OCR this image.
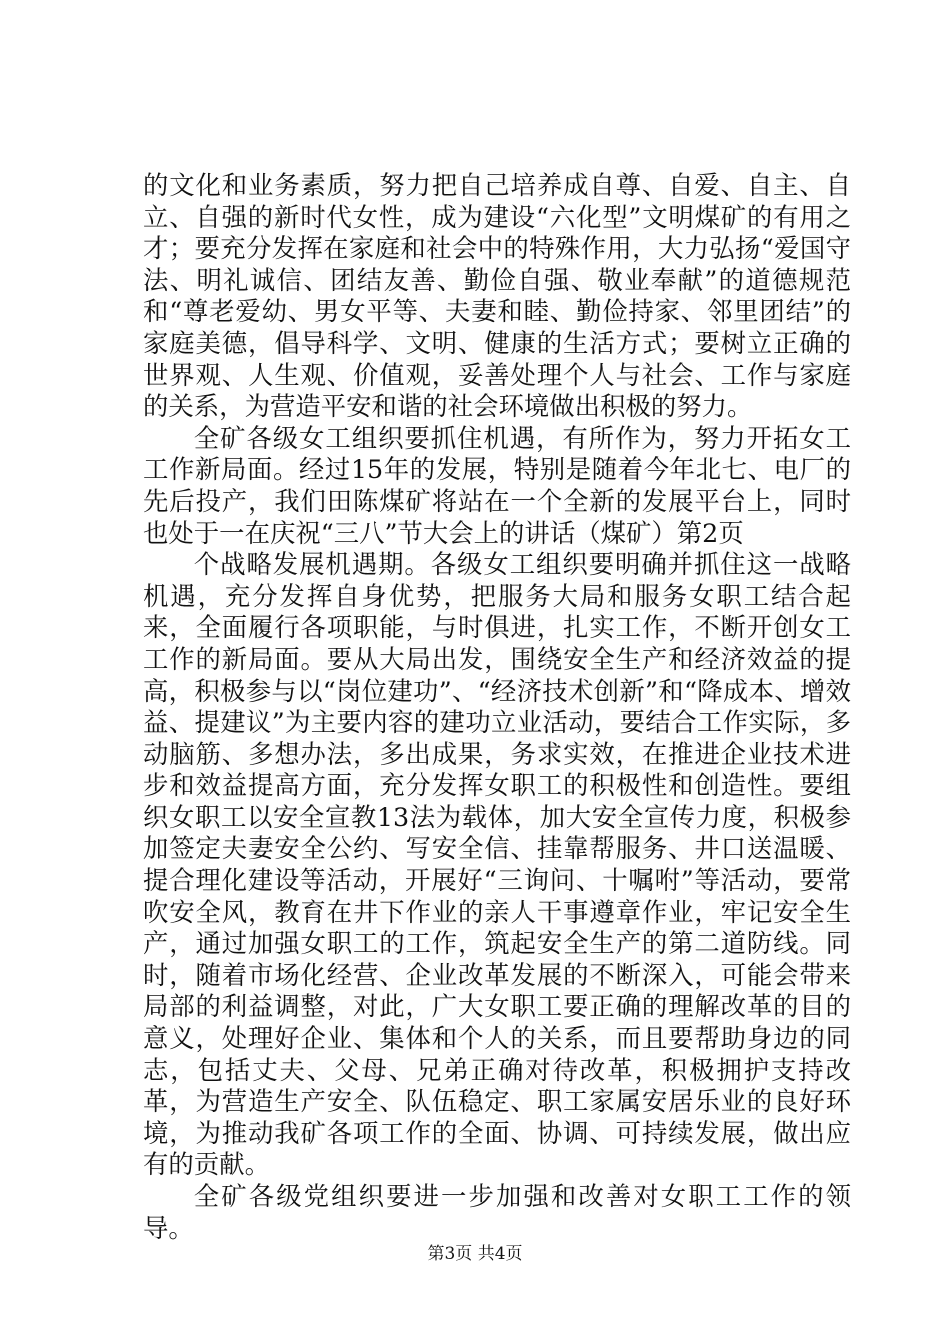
的文化和业务素质，努力把自己培养成自尊、自爱、自主、自立、自强的新时代女性，成为建设“六化型”文明煤矿的有用之才；要充分发挥在家庭和社会中的特殊作用，大力弘扬“爱国守法、明礼诚信、团结友善、勤俭自强、敬业奉献”的道德规范和“尊老爱幼、男女平等、夫妻和睦、勤俭持家、邻里团结”的家庭美德，倡导科学、文明、健康的生活方式；要树立正确的世界观、人生观、价值观，妥善处理个人与社会、工作与家庭的关系，为营造平安和谐的社会环境做出积极的努力。

全矿各级女工组织要抓住机遇，有所作为，努力开拓女工工作新局面。经过15年的发展，特别是随着今年北七、电厂的先后投产，我们田陈煤矿将站在一个全新的发展平台上，同时也处于一在庆祝“三八”节大会上的讲话（煤矿）第2页

个战略发展机遇期。各级女工组织要明确并抓住这一战略机遇，充分发挥自身优势，把服务大局和服务女职工结合起来，全面履行各项职能，与时俱进，扎实工作，不断开创女工工作的新局面。要从大局出发，围绕安全生产和经济效益的提高，积极参与以“岗位建功”、“经济技术创新”和“降成本、增效益、提建议”为主要内容的建功立业活动，要结合工作实际，多动脑筋、多想办法，多出成果，务求实效，在推进企业技术进步和效益提高方面，充分发挥女职工的积极性和创造性。要组织女职工以安全宣教13法为载体，加大安全宣传力度，积极参加签定夫妻安全公约、写安全信、挂靠帮服务、井口送温暖、提合理化建设等活动，开展好“三询问、十嘱咐”等活动，要常吹安全风，教育在井下作业的亲人干事遵章作业，牢记安全生产，通过加强女职工的工作，筑起安全生产的第二道防线。同时，随着市场化经营、企业改革发展的不断深入，可能会带来局部的利益调整，对此，广大女职工要正确的理解改革的目的意义，处理好企业、集体和个人的关系，而且要帮助身边的同志，包括丈夫、父母、兄弟正确对待改革，积极拥护支持改革，为营造生产安全、队伍稳定、职工家属安居乐业的良好环境，为推动我矿各项工作的全面、协调、可持续发展，做出应有的贡献。

全矿各级党组织要进一步加强和改善对女职工工作的领导。

第3页 共4页
